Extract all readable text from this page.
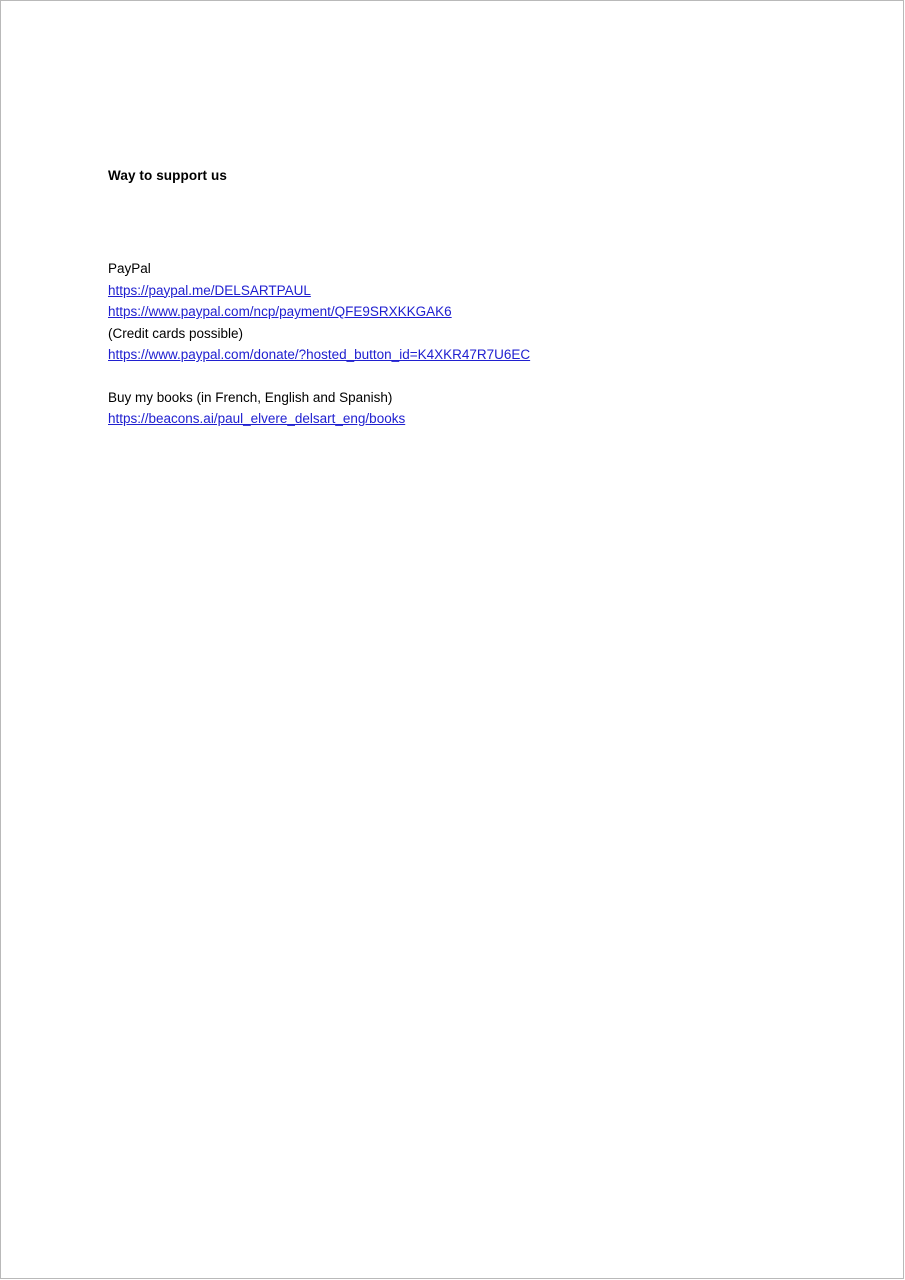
Way to support us

PayPal
https://paypal.me/DELSARTPAUL
https://www.paypal.com/ncp/payment/QFE9SRXKKGAK6
(Credit cards possible)
https://www.paypal.com/donate/?hosted_button_id=K4XKR47R7U6EC
Buy my books (in French, English and Spanish)
https://beacons.ai/paul_elvere_delsart_eng/books
